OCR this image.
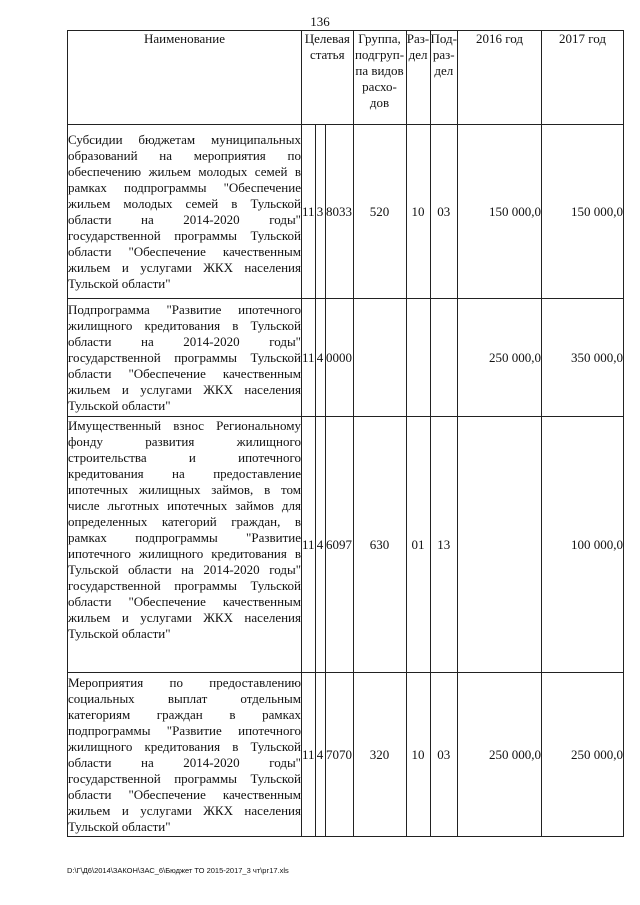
136
Наименование	Целевая статья			Группа, подгруп-па видов расхо-дов	Раз-дел	Под-раз-дел	2016 год	2017 год
Субсидии бюджетам муниципальных образований на мероприятия по обеспечению жильем молодых семей в рамках подпрограммы "Обеспечение жильем молодых семей в Тульской области на 2014-2020 годы" государственной программы Тульской области "Обеспечение качественным жильем и услугами ЖКХ населения Тульской области"	11	3	8033	520	10	03	150 000,0	150 000,0
Подпрограмма "Развитие ипотечного жилищного кредитования в Тульской области на 2014-2020 годы" государственной программы Тульской области "Обеспечение качественным жильем и услугами ЖКХ населения Тульской области"	11	4	0000				250 000,0	350 000,0
Имущественный взнос Региональному фонду развития жилищного строительства и ипотечного кредитования на предоставление ипотечных жилищных займов, в том числе льготных ипотечных займов для определенных категорий граждан, в рамках подпрограммы "Развитие ипотечного жилищного кредитования в Тульской области на 2014-2020 годы" государственной программы Тульской области "Обеспечение качественным жильем и услугами ЖКХ населения Тульской области"	11	4	6097	630	01	13		100 000,0
Мероприятия по предоставлению социальных выплат отдельным категориям граждан в рамках подпрограммы "Развитие ипотечного жилищного кредитования в Тульской области на 2014-2020 годы" государственной программы Тульской области "Обеспечение качественным жильем и услугами ЖКХ населения Тульской области"	11	4	7070	320	10	03	250 000,0	250 000,0
D:\Г\Д6\2014\ЗАКОН\ЗАС_6\Бюджет ТО 2015-2017_3 чт\рг17.xls
